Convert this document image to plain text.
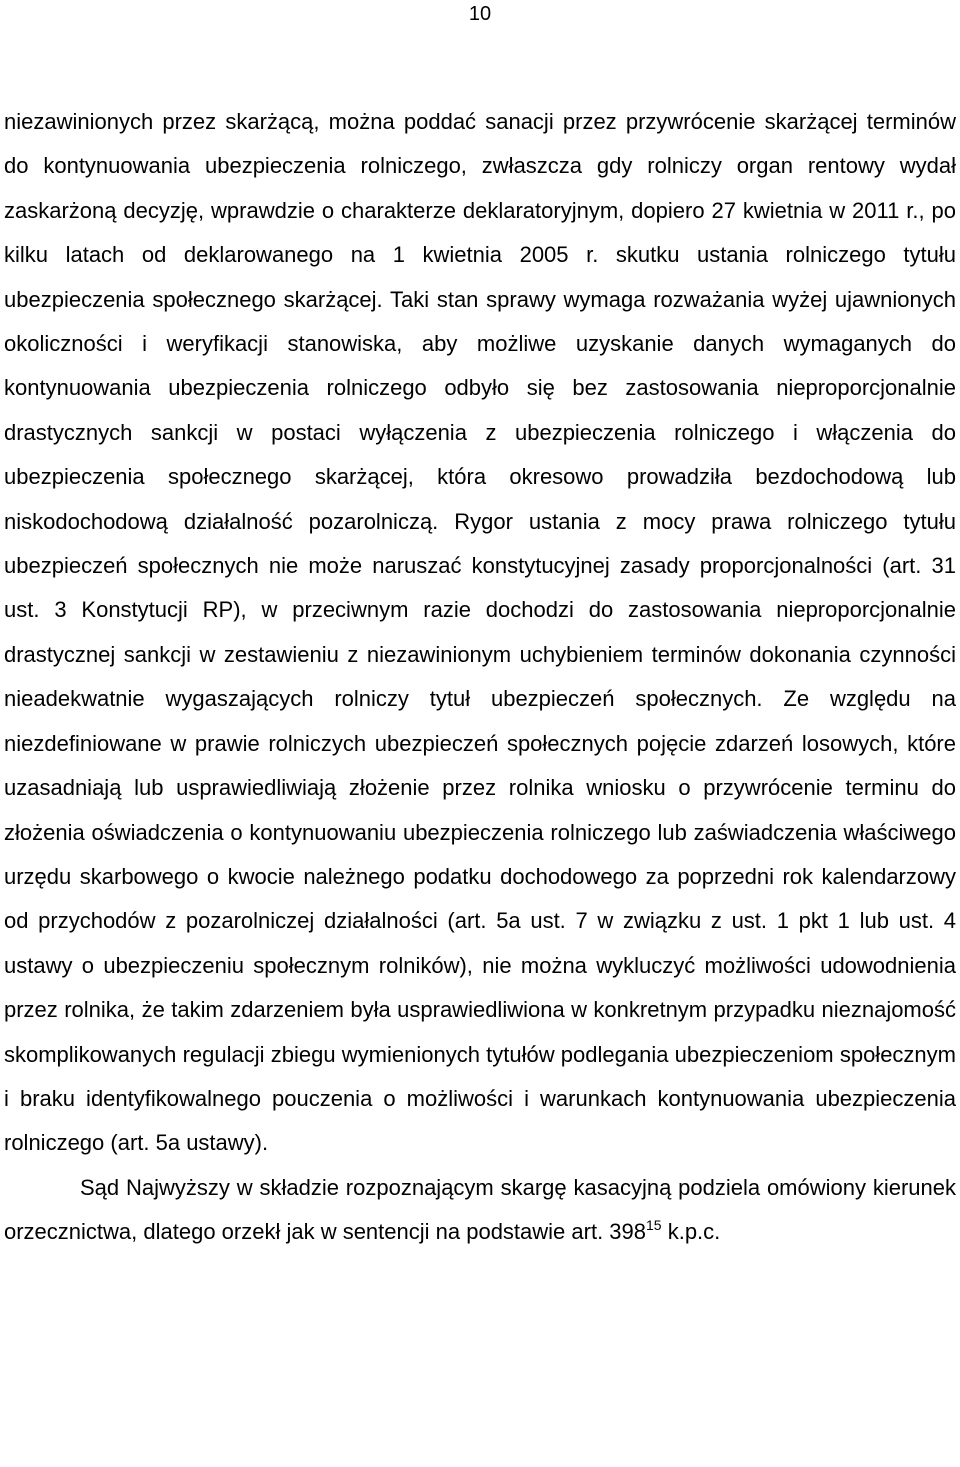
10

niezawinionych przez skarżącą, można poddać sanacji przez przywrócenie skarżącej terminów do kontynuowania ubezpieczenia rolniczego, zwłaszcza gdy rolniczy organ rentowy wydał zaskarżoną decyzję, wprawdzie o charakterze deklaratoryjnym, dopiero 27 kwietnia w 2011 r., po kilku latach od deklarowanego na 1 kwietnia 2005 r. skutku ustania rolniczego tytułu ubezpieczenia społecznego skarżącej. Taki stan sprawy wymaga rozważania wyżej ujawnionych okoliczności i weryfikacji stanowiska, aby możliwe uzyskanie danych wymaganych do kontynuowania ubezpieczenia rolniczego odbyło się bez zastosowania nieproporcjonalnie drastycznych sankcji w postaci wyłączenia z ubezpieczenia rolniczego i włączenia do ubezpieczenia społecznego skarżącej, która okresowo prowadziła bezdochodową lub niskodochodową działalność pozarolniczą. Rygor ustania z mocy prawa rolniczego tytułu ubezpieczeń społecznych nie może naruszać konstytucyjnej zasady proporcjonalności (art. 31 ust. 3 Konstytucji RP), w przeciwnym razie dochodzi do zastosowania nieproporcjonalnie drastycznej sankcji w zestawieniu z niezawinionym uchybieniem terminów dokonania czynności nieadekwatnie wygaszających rolniczy tytuł ubezpieczeń społecznych. Ze względu na niezdefiniowane w prawie rolniczych ubezpieczeń społecznych pojęcie zdarzeń losowych, które uzasadniają lub usprawiedliwiają złożenie przez rolnika wniosku o przywrócenie terminu do złożenia oświadczenia o kontynuowaniu ubezpieczenia rolniczego lub zaświadczenia właściwego urzędu skarbowego o kwocie należnego podatku dochodowego za poprzedni rok kalendarzowy od przychodów z pozarolniczej działalności (art. 5a ust. 7 w związku z ust. 1 pkt 1 lub ust. 4 ustawy o ubezpieczeniu społecznym rolników), nie można wykluczyć możliwości udowodnienia przez rolnika, że takim zdarzeniem była usprawiedliwiona w konkretnym przypadku nieznajomość skomplikowanych regulacji zbiegu wymienionych tytułów podlegania ubezpieczeniom społecznym i braku identyfikowalnego pouczenia o możliwości i warunkach kontynuowania ubezpieczenia rolniczego (art. 5a ustawy).

Sąd Najwyższy w składzie rozpoznającym skargę kasacyjną podziela omówiony kierunek orzecznictwa, dlatego orzekł jak w sentencji na podstawie art. $398^{15}$ k.p.c.
